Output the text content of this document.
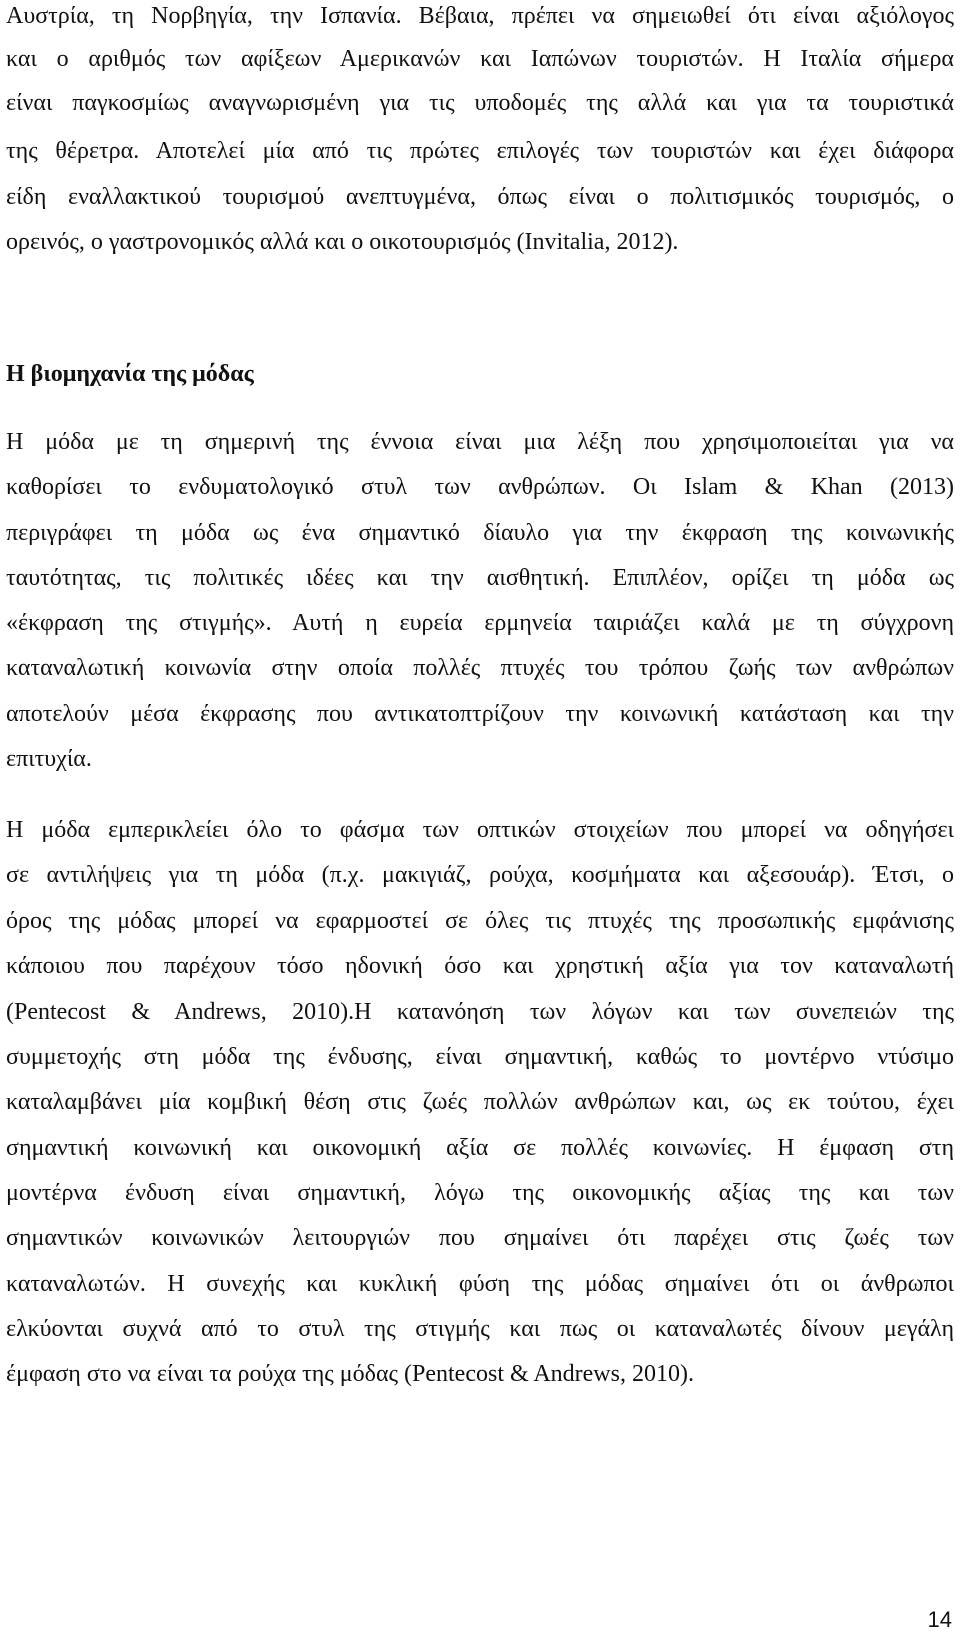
Αυστρία, τη Νορβηγία, την Ισπανία. Βέβαια, πρέπει να σημειωθεί ότι είναι αξιόλογος
και ο αριθμός των αφίξεων Αμερικανών και Ιαπώνων τουριστών. Η Ιταλία σήμερα
είναι παγκοσμίως αναγνωρισμένη για τις υποδομές της αλλά και για τα τουριστικά
της θέρετρα. Αποτελεί μία από τις πρώτες επιλογές των τουριστών και έχει διάφορα
είδη εναλλακτικού τουρισμού ανεπτυγμένα, όπως είναι ο πολιτισμικός τουρισμός, ο
ορεινός, ο γαστρονομικός αλλά και ο οικοτουρισμός (Invitalia, 2012).
Η βιομηχανία της μόδας
Η μόδα με τη σημερινή της έννοια είναι μια λέξη που χρησιμοποιείται για να
καθορίσει το ενδυματολογικό στυλ των ανθρώπων. Οι Islam & Khan (2013)
περιγράφει τη μόδα ως ένα σημαντικό δίαυλο για την έκφραση της κοινωνικής
ταυτότητας, τις πολιτικές ιδέες και την αισθητική. Επιπλέον, ορίζει τη μόδα ως
«έκφραση της στιγμής». Αυτή η ευρεία ερμηνεία ταιριάζει καλά με τη σύγχρονη
καταναλωτική κοινωνία στην οποία πολλές πτυχές του τρόπου ζωής των ανθρώπων
αποτελούν μέσα έκφρασης που αντικατοπτρίζουν την κοινωνική κατάσταση και την
επιτυχία.
Η μόδα εμπερικλείει όλο το φάσμα των οπτικών στοιχείων που μπορεί να οδηγήσει
σε αντιλήψεις για τη μόδα (π.χ. μακιγιάζ, ρούχα, κοσμήματα και αξεσουάρ). Έτσι, ο
όρος της μόδας μπορεί να εφαρμοστεί σε όλες τις πτυχές της προσωπικής εμφάνισης
κάποιου που παρέχουν τόσο ηδονική όσο και χρηστική αξία για τον καταναλωτή
(Pentecost & Andrews, 2010).Η κατανόηση των λόγων και των συνεπειών της
συμμετοχής στη μόδα της ένδυσης, είναι σημαντική, καθώς το μοντέρνο ντύσιμο
καταλαμβάνει μία κομβική θέση στις ζωές πολλών ανθρώπων και, ως εκ τούτου, έχει
σημαντική κοινωνική και οικονομική αξία σε πολλές κοινωνίες. Η έμφαση στη
μοντέρνα ένδυση είναι σημαντική, λόγω της οικονομικής αξίας της και των
σημαντικών κοινωνικών λειτουργιών που σημαίνει ότι παρέχει στις ζωές των
καταναλωτών. Η συνεχής και κυκλική φύση της μόδας σημαίνει ότι οι άνθρωποι
ελκύονται συχνά από το στυλ της στιγμής και πως οι καταναλωτές δίνουν μεγάλη
έμφαση στο να είναι τα ρούχα της μόδας (Pentecost & Andrews, 2010).
14
